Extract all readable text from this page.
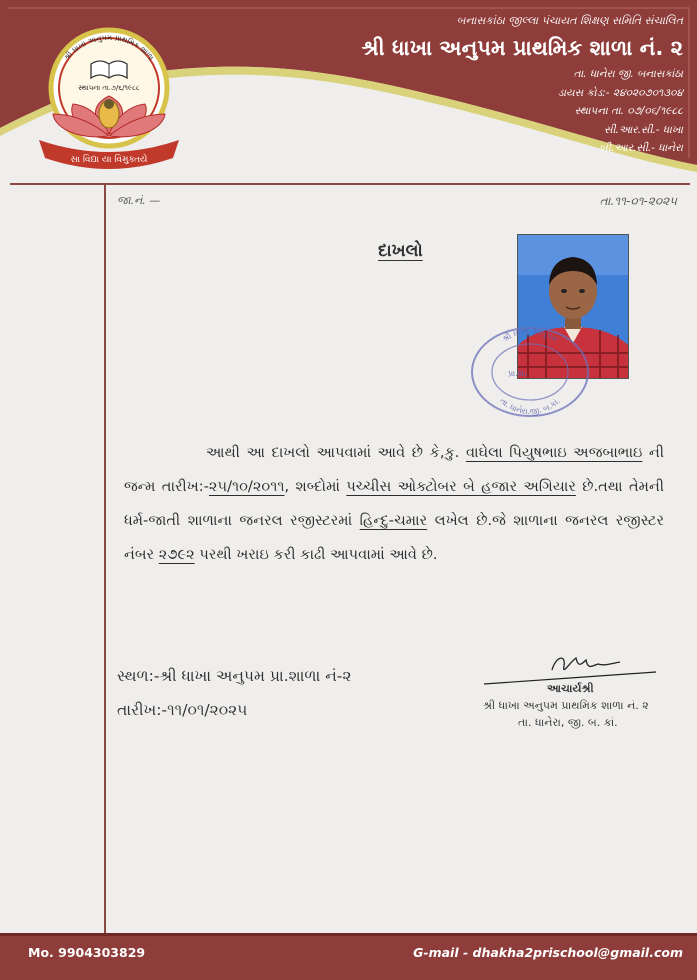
બનાસકાંઠા જીલ્લા પંચાયત શિક્ષણ સમિતિ સંચાલિત
શ્રી ધાખા અનુપમ પ્રાથમિક શાળા નં. ૨
તા. ધાનેરા જી. બનાસકાંઠા
ડાયસ કોડ:- ૨૪૦૨૦૭૦૧૩૦૪
સ્થાપના તા. ૦૭/૦૬/૧૯૮૮
સી.આર.સી.- ધાખા
બી.આર.સી.- ધાનેરા
સા વિદ્યા યા વિમુક્તયે
શ્રી ધાખા અનુપમ પ્રાથમિક શાળા
સ્થાપના તા.૭/૬/૧૯૮૮
જા.નં. —	તા.૧૧-૦૧-૨૦૨૫
દાખલો
શ્રી ધાખા અનુપમ
પ્રા.શા.
તા. ધાનેરા.જી. બ.કાં.
આથી આ દાખલો આપવામાં આવે છે કે,કુ. વાઘેલા પિયુષભાઇ અજબાભાઇ ની જન્મ તારીખ:-૨૫/૧૦/૨૦૧૧, શબ્દોમાં પચ્ચીસ ઓક્ટોબર બે હજાર અગિયાર છે.તથા તેમની ધર્મ-જાતી શાળાના જનરલ રજીસ્ટરમાં હિન્દુ-ચમાર લખેલ છે.જે શાળાના જનરલ રજીસ્ટર નંબર ૨૭૯૨ પરથી ખરાઇ કરી કાઢી આપવામાં આવે છે.
સ્થળ:-શ્રી ધાખા અનુપમ પ્રા.શાળા નં-૨
તારીખ:-૧૧/૦૧/૨૦૨૫
આચાર્યશ્રી
શ્રી ધાખા અનુપમ પ્રાથમિક શાળા નં. ૨
તા. ધાનેરા, જી. બ. કાં.
Mo. 9904303829	G-mail - dhakha2prischool@gmail.com
